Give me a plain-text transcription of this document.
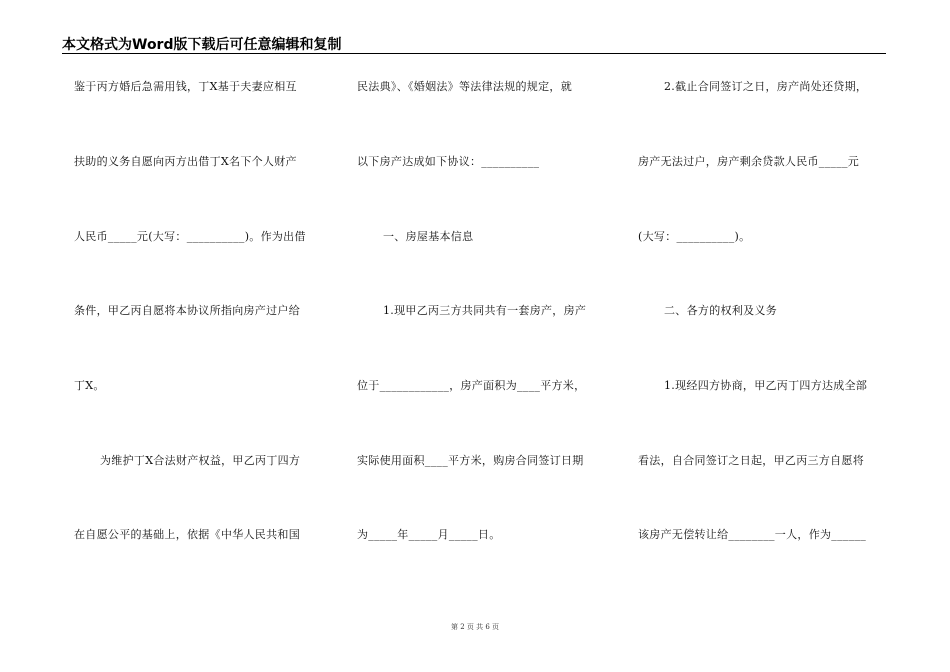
本文格式为Word版下载后可任意编辑和复制
鉴于丙方婚后急需用钱，丁X基于夫妻应相互
扶助的义务自愿向丙方出借丁X名下个人财产
人民币_____元(大写：__________)。作为出借
条件，甲乙丙自愿将本协议所指向房产过户给
丁X。
为维护丁X合法财产权益，甲乙丙丁四方
在自愿公平的基础上，依据《中华人民共和国
民法典》、《婚姻法》等法律法规的规定，就
以下房产达成如下协议：__________
一、房屋基本信息
1.现甲乙丙三方共同共有一套房产，房产
位于____________，房产面积为____平方米，
实际使用面积____平方米，购房合同签订日期
为_____年_____月_____日。
2.截止合同签订之日，房产尚处还贷期，
房产无法过户，房产剩余贷款人民币_____元
(大写：__________)。
二、各方的权利及义务
1.现经四方协商，甲乙丙丁四方达成全部
看法，自合同签订之日起，甲乙丙三方自愿将
该房产无偿转让给________一人，作为______
第 2 页 共 6 页
